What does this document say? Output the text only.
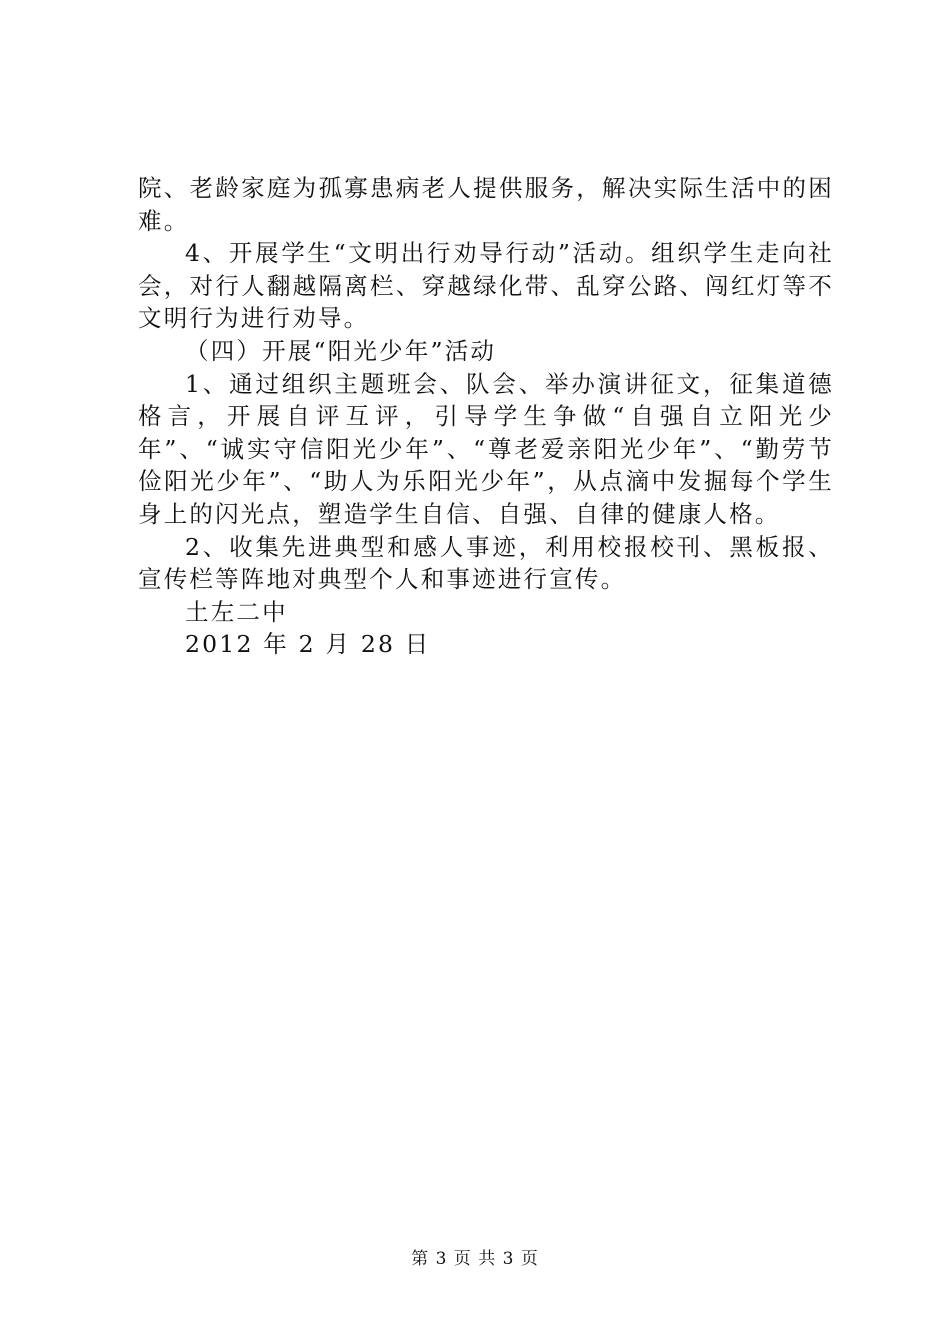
院、老龄家庭为孤寡患病老人提供服务，解决实际生活中的困难。

4、开展学生“文明出行劝导行动”活动。组织学生走向社会，对行人翻越隔离栏、穿越绿化带、乱穿公路、闯红灯等不文明行为进行劝导。

（四）开展“阳光少年”活动

1、通过组织主题班会、队会、举办演讲征文，征集道德格言，开展自评互评，引导学生争做“自强自立阳光少年”、“诚实守信阳光少年”、“尊老爱亲阳光少年”、“勤劳节俭阳光少年”、“助人为乐阳光少年”，从点滴中发掘每个学生身上的闪光点，塑造学生自信、自强、自律的健康人格。

2、收集先进典型和感人事迹，利用校报校刊、黑板报、宣传栏等阵地对典型个人和事迹进行宣传。

土左二中

2012 年 2 月 28 日

第 3 页 共 3 页
